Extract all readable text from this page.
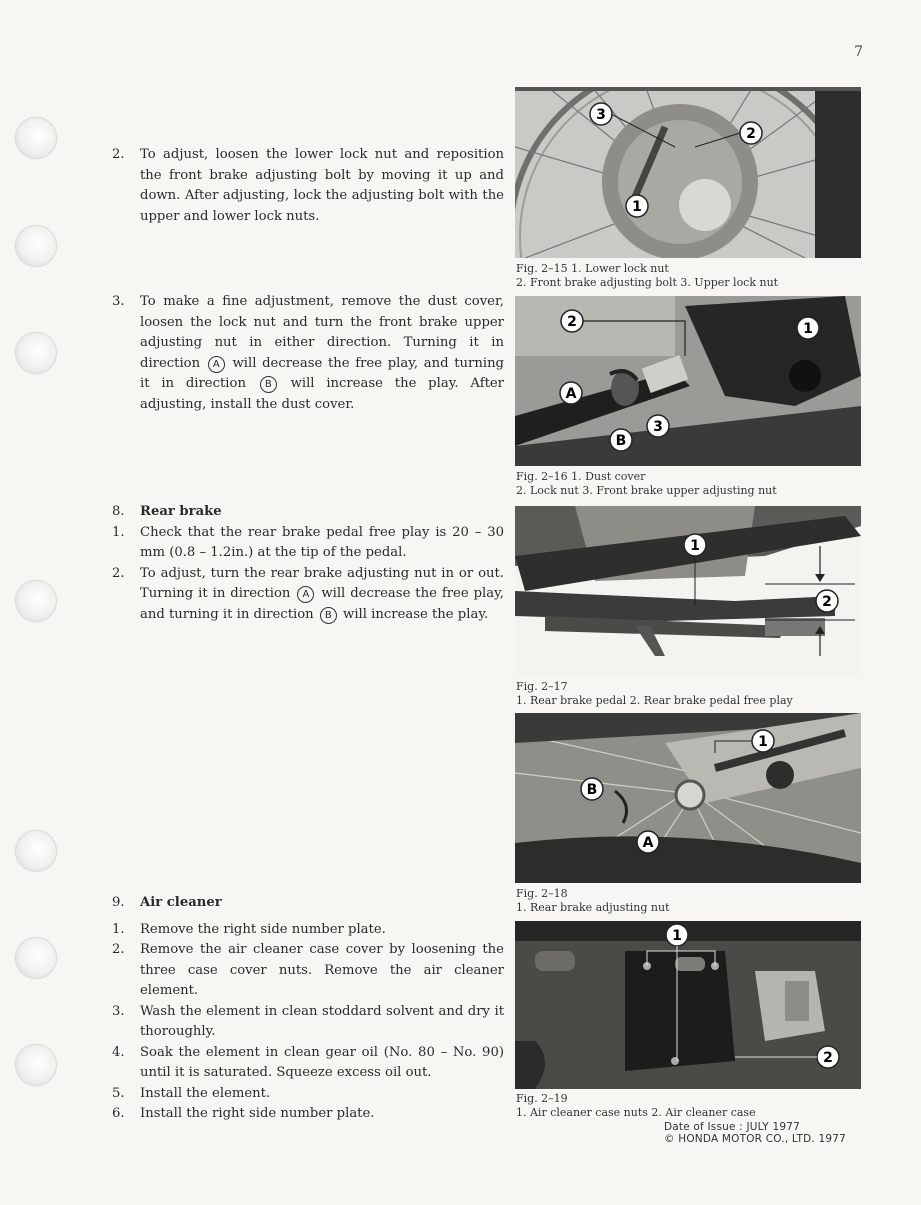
7
2.	To adjust, loosen the lower lock nut and reposition the front brake adjusting bolt by moving it up and down. After adjusting, lock the adjusting bolt with the upper and lower lock nuts.
3.	To make a fine adjustment, remove the dust cover, loosen the lock nut and turn the front brake upper adjusting nut in either direction. Turning it in direction A will decrease the free play, and turning it in direction B will increase the play. After adjusting, install the dust cover.
8.	Rear brake
1.	Check that the rear brake pedal free play is 20 – 30 mm (0.8 – 1.2in.) at the tip of the pedal.
2.	To adjust, turn the rear brake adjusting nut in or out. Turning it in direction A will decrease the free play, and turning it in direction B will increase the play.
9.	Air cleaner
1.	Remove the right side number plate.
2.	Remove the air cleaner case cover by loosening the three case cover nuts. Remove the air cleaner element.
3.	Wash the element in clean stoddard solvent and dry it thoroughly.
4.	Soak the element in clean gear oil (No. 80 – No. 90) until it is saturated. Squeeze excess oil out.
5.	Install the element.
6.	Install the right side number plate.
3
2
1
Fig. 2–15 1. Lower lock nut
2. Front brake adjusting bolt 3. Upper lock nut
2	1
A
3
B
Fig. 2–16 1. Dust cover
2. Lock nut 3. Front brake upper adjusting nut
1
2
Fig. 2–17
1. Rear brake pedal 2. Rear brake pedal free play
1
B
A
Fig. 2–18
1. Rear brake adjusting nut
1
2
Fig. 2–19
1. Air cleaner case nuts 2. Air cleaner case
Date of Issue : JULY 1977
© HONDA MOTOR CO., LTD. 1977
